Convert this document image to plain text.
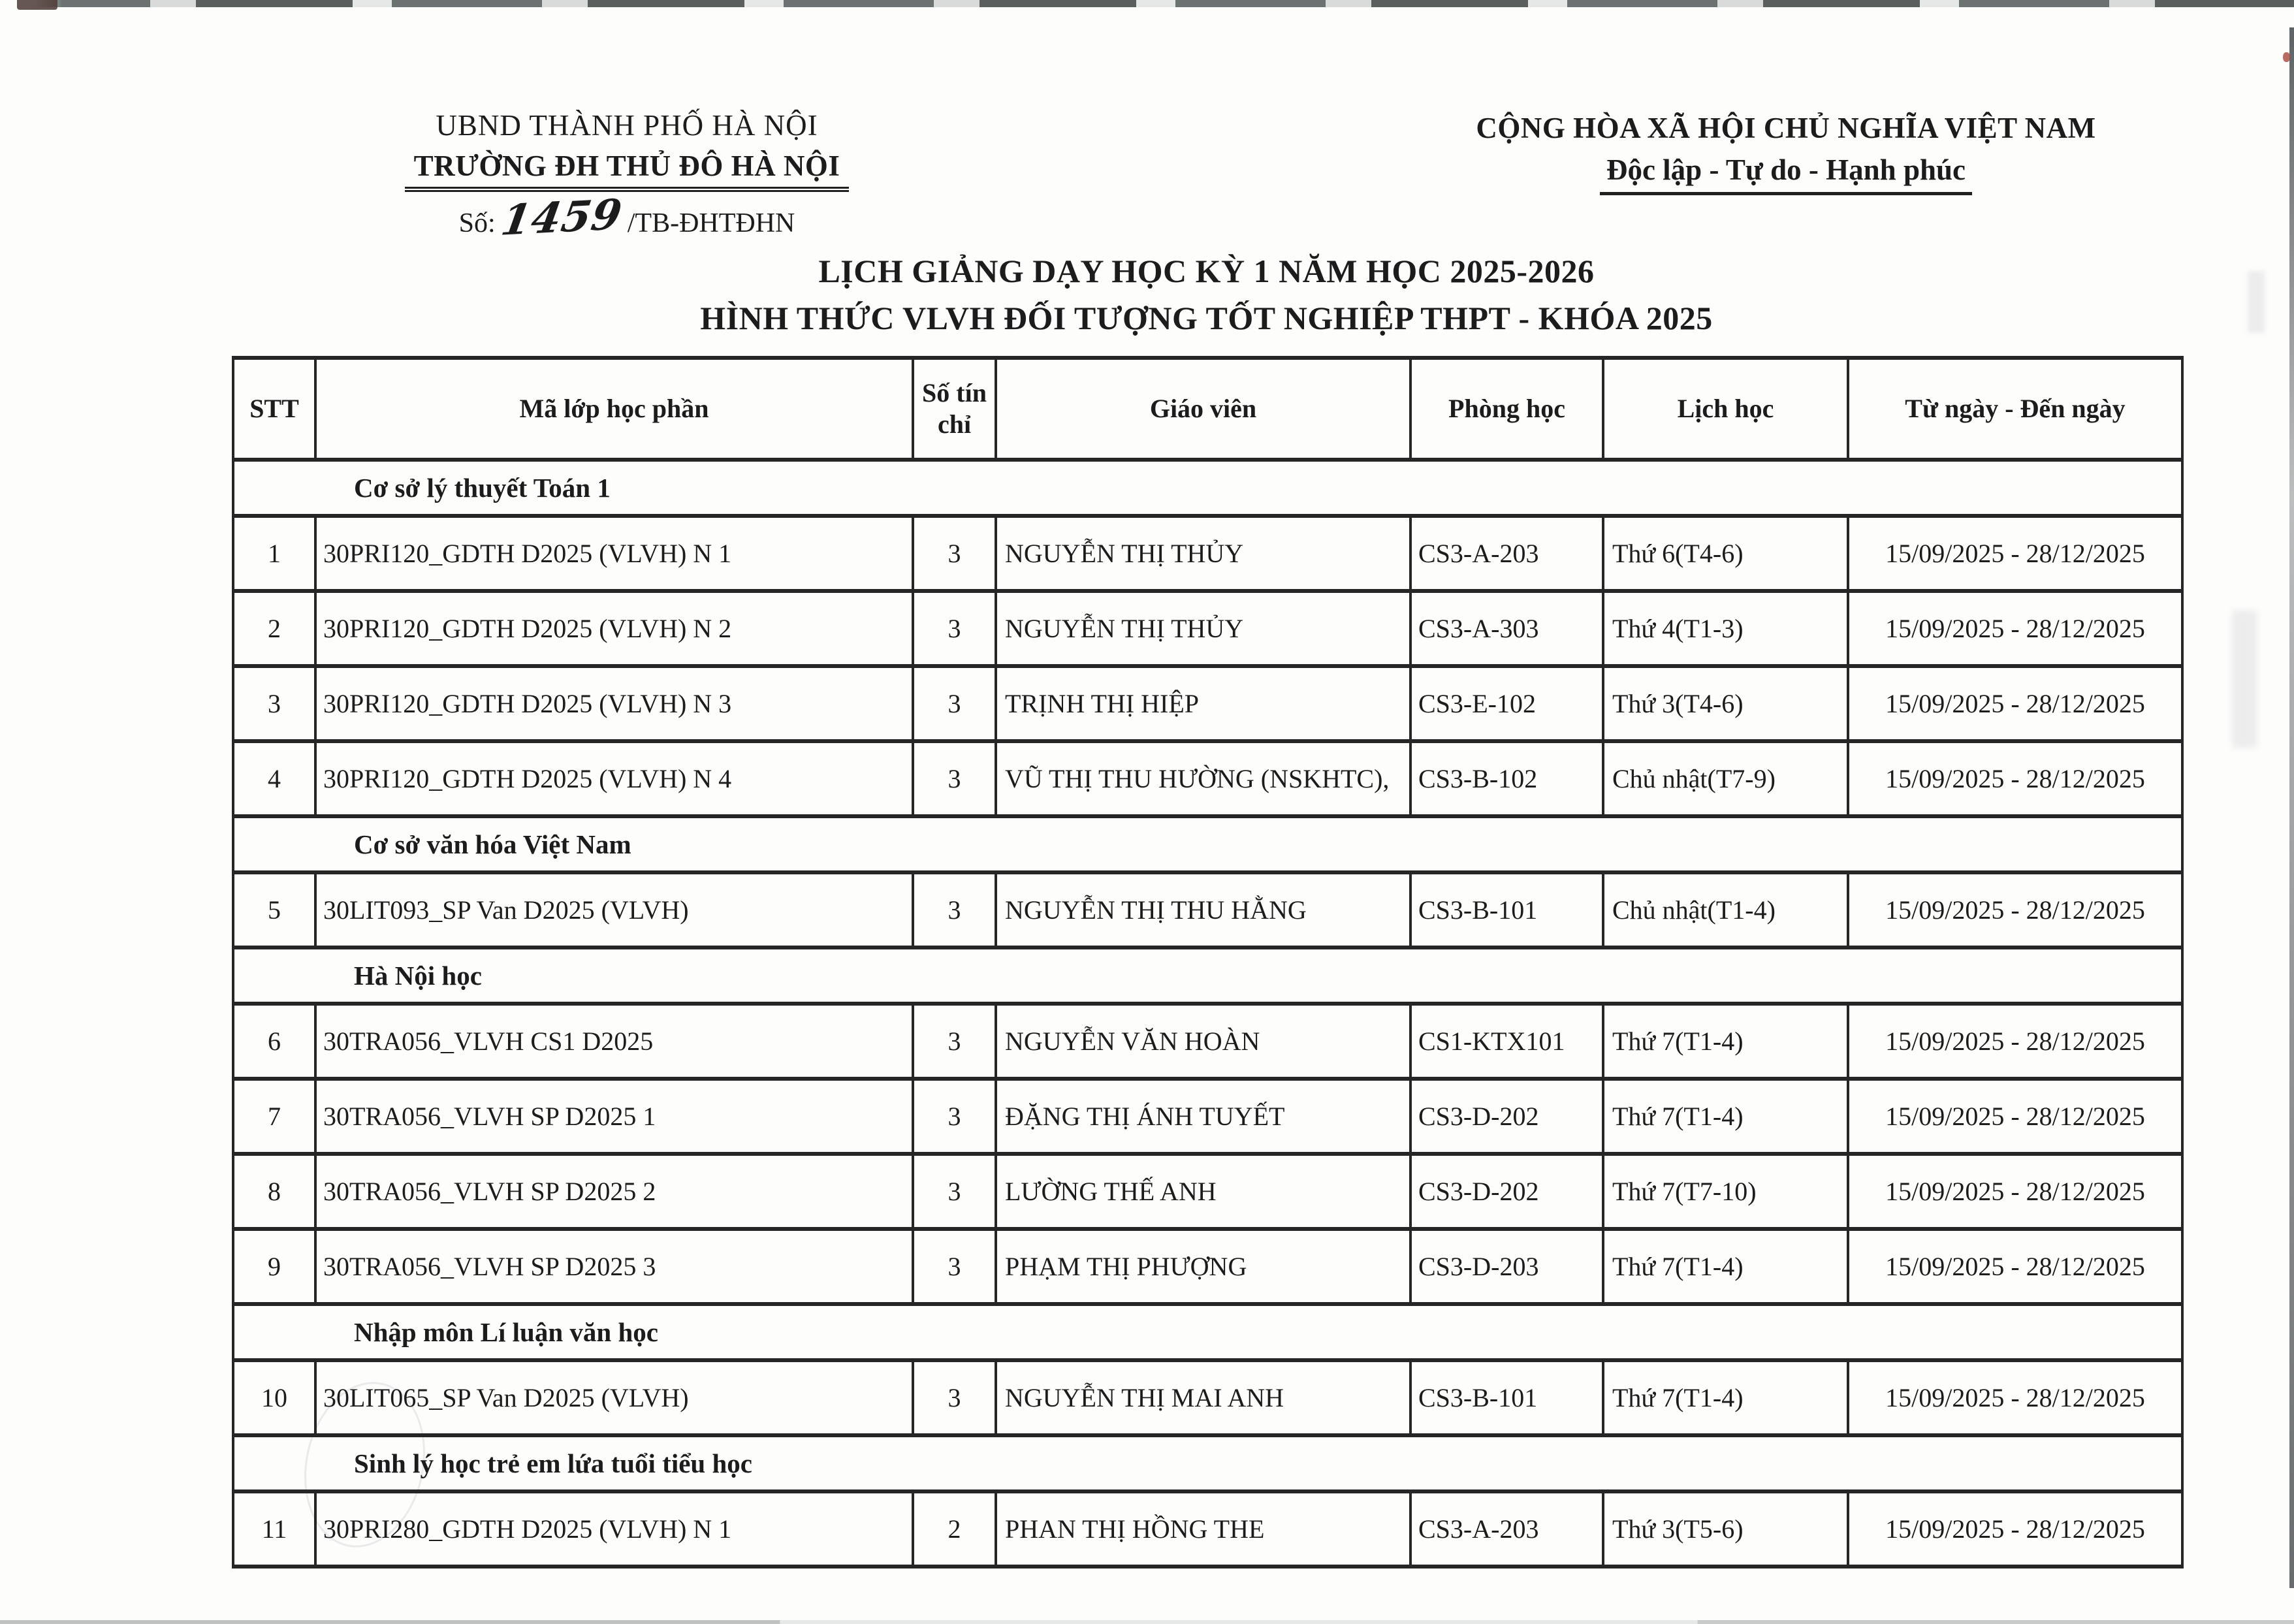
UBND THÀNH PHỐ HÀ NỘI
TRƯỜNG ĐH THỦ ĐÔ HÀ NỘI
Số: 1459 /TB-ĐHTĐHN
CỘNG HÒA XÃ HỘI CHỦ NGHĨA VIỆT NAM
Độc lập - Tự do - Hạnh phúc
LỊCH GIẢNG DẠY HỌC KỲ 1 NĂM HỌC 2025-2026
HÌNH THỨC VLVH ĐỐI TƯỢNG TỐT NGHIỆP THPT - KHÓA 2025
STT	Mã lớp học phần	Số tín chỉ	Giáo viên	Phòng học	Lịch học	Từ ngày - Đến ngày
Cơ sở lý thuyết Toán 1						
1	30PRI120_GDTH D2025 (VLVH) N 1	3	NGUYỄN THỊ THỦY	CS3-A-203	Thứ 6(T4-6)	15/09/2025 - 28/12/2025
2	30PRI120_GDTH D2025 (VLVH) N 2	3	NGUYỄN THỊ THỦY	CS3-A-303	Thứ 4(T1-3)	15/09/2025 - 28/12/2025
3	30PRI120_GDTH D2025 (VLVH) N 3	3	TRỊNH THỊ HIỆP	CS3-E-102	Thứ 3(T4-6)	15/09/2025 - 28/12/2025
4	30PRI120_GDTH D2025 (VLVH) N 4	3	VŨ THỊ THU HƯỜNG (NSKHTC),	CS3-B-102	Chủ nhật(T7-9)	15/09/2025 - 28/12/2025
Cơ sở văn hóa Việt Nam						
5	30LIT093_SP Van D2025 (VLVH)	3	NGUYỄN THỊ THU HẰNG	CS3-B-101	Chủ nhật(T1-4)	15/09/2025 - 28/12/2025
Hà Nội học						
6	30TRA056_VLVH CS1 D2025	3	NGUYỄN VĂN HOÀN	CS1-KTX101	Thứ 7(T1-4)	15/09/2025 - 28/12/2025
7	30TRA056_VLVH SP D2025 1	3	ĐẶNG THỊ ÁNH TUYẾT	CS3-D-202	Thứ 7(T1-4)	15/09/2025 - 28/12/2025
8	30TRA056_VLVH SP D2025 2	3	LƯỜNG THẾ ANH	CS3-D-202	Thứ 7(T7-10)	15/09/2025 - 28/12/2025
9	30TRA056_VLVH SP D2025 3	3	PHẠM THỊ PHƯỢNG	CS3-D-203	Thứ 7(T1-4)	15/09/2025 - 28/12/2025
Nhập môn Lí luận văn học						
10	30LIT065_SP Van D2025 (VLVH)	3	NGUYỄN THỊ MAI ANH	CS3-B-101	Thứ 7(T1-4)	15/09/2025 - 28/12/2025
Sinh lý học trẻ em lứa tuổi tiểu học						
11	30PRI280_GDTH D2025 (VLVH) N 1	2	PHAN THỊ HỒNG THE	CS3-A-203	Thứ 3(T5-6)	15/09/2025 - 28/12/2025
